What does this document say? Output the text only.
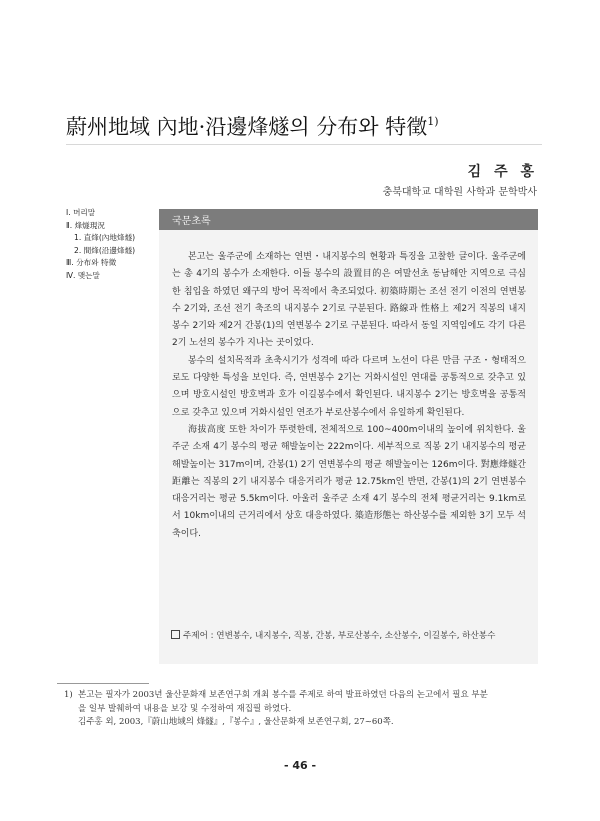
蔚州地域 內地·沿邊烽燧의 分布와 特徵$^{1)}$
김 주 홍
충북대학교 대학원 사학과 문학박사
Ⅰ. 머리말
Ⅱ. 烽燧現況
1. 直烽(內地烽燧)
2. 間烽(沿邊烽燧)
Ⅲ. 分布와 特徵
Ⅳ. 맺는말
국문초록

본고는 울주군에 소재하는 연변・내지봉수의 현황과 특징을 고찰한 글이다. 울주군에는 총 4기의 봉수가 소재한다. 이들 봉수의 設置目的은 여말선초 동남해안 지역으로 극심한 침입을 하였던 왜구의 방어 목적에서 축조되었다. 初築時期는 조선 전기 이전의 연변봉수 2기와, 조선 전기 축조의 내지봉수 2기로 구분된다. 路線과 性格上 제2거 직봉의 내지봉수 2기와 제2거 간봉(1)의 연변봉수 2기로 구분된다. 따라서 동일 지역임에도 각기 다른 2기 노선의 봉수가 지나는 곳이었다.

봉수의 설치목적과 초축시기가 성격에 따라 다르며 노선이 다른 만큼 구조・형태적으로도 다양한 특성을 보인다. 즉, 연변봉수 2기는 거화시설인 연대를 공통적으로 갖추고 있으며 방호시설인 방호벽과 호가 이길봉수에서 확인된다. 내지봉수 2기는 방호벽을 공통적으로 갖추고 있으며 거화시설인 연조가 부로산봉수에서 유일하게 확인된다.

海拔高度 또한 차이가 뚜렷한데, 전체적으로 100~400m이내의 높이에 위치한다. 울주군 소재 4기 봉수의 평균 해발높이는 222m이다. 세부적으로 직봉 2기 내지봉수의 평균 해발높이는 317m이며, 간봉(1) 2기 연변봉수의 평균 해발높이는 126m이다. 對應烽燧간 距離는 직봉의 2기 내지봉수 대응거리가 평균 12.75km인 반면, 간봉(1)의 2기 연변봉수 대응거리는 평균 5.5km이다. 아울러 울주군 소재 4기 봉수의 전체 평균거리는 9.1km로서 10km이내의 근거리에서 상호 대응하였다. 築造形態는 하산봉수를 제외한 3기 모두 석축이다.

주제어 : 연변봉수, 내지봉수, 직봉, 간봉, 부로산봉수, 소산봉수, 이길봉수, 하산봉수
1) 본고는 필자가 2003년 울산문화재 보존연구회 개최 봉수를 주제로 하여 발표하였던 다음의 논고에서 필요 부분
을 일부 발췌하여 내용을 보강 및 수정하여 재집필 하였다.
김주홍 외, 2003,『蔚山地域의 烽燧』,『봉수』, 울산문화재 보존연구회, 27~60쪽.
- 46 -
